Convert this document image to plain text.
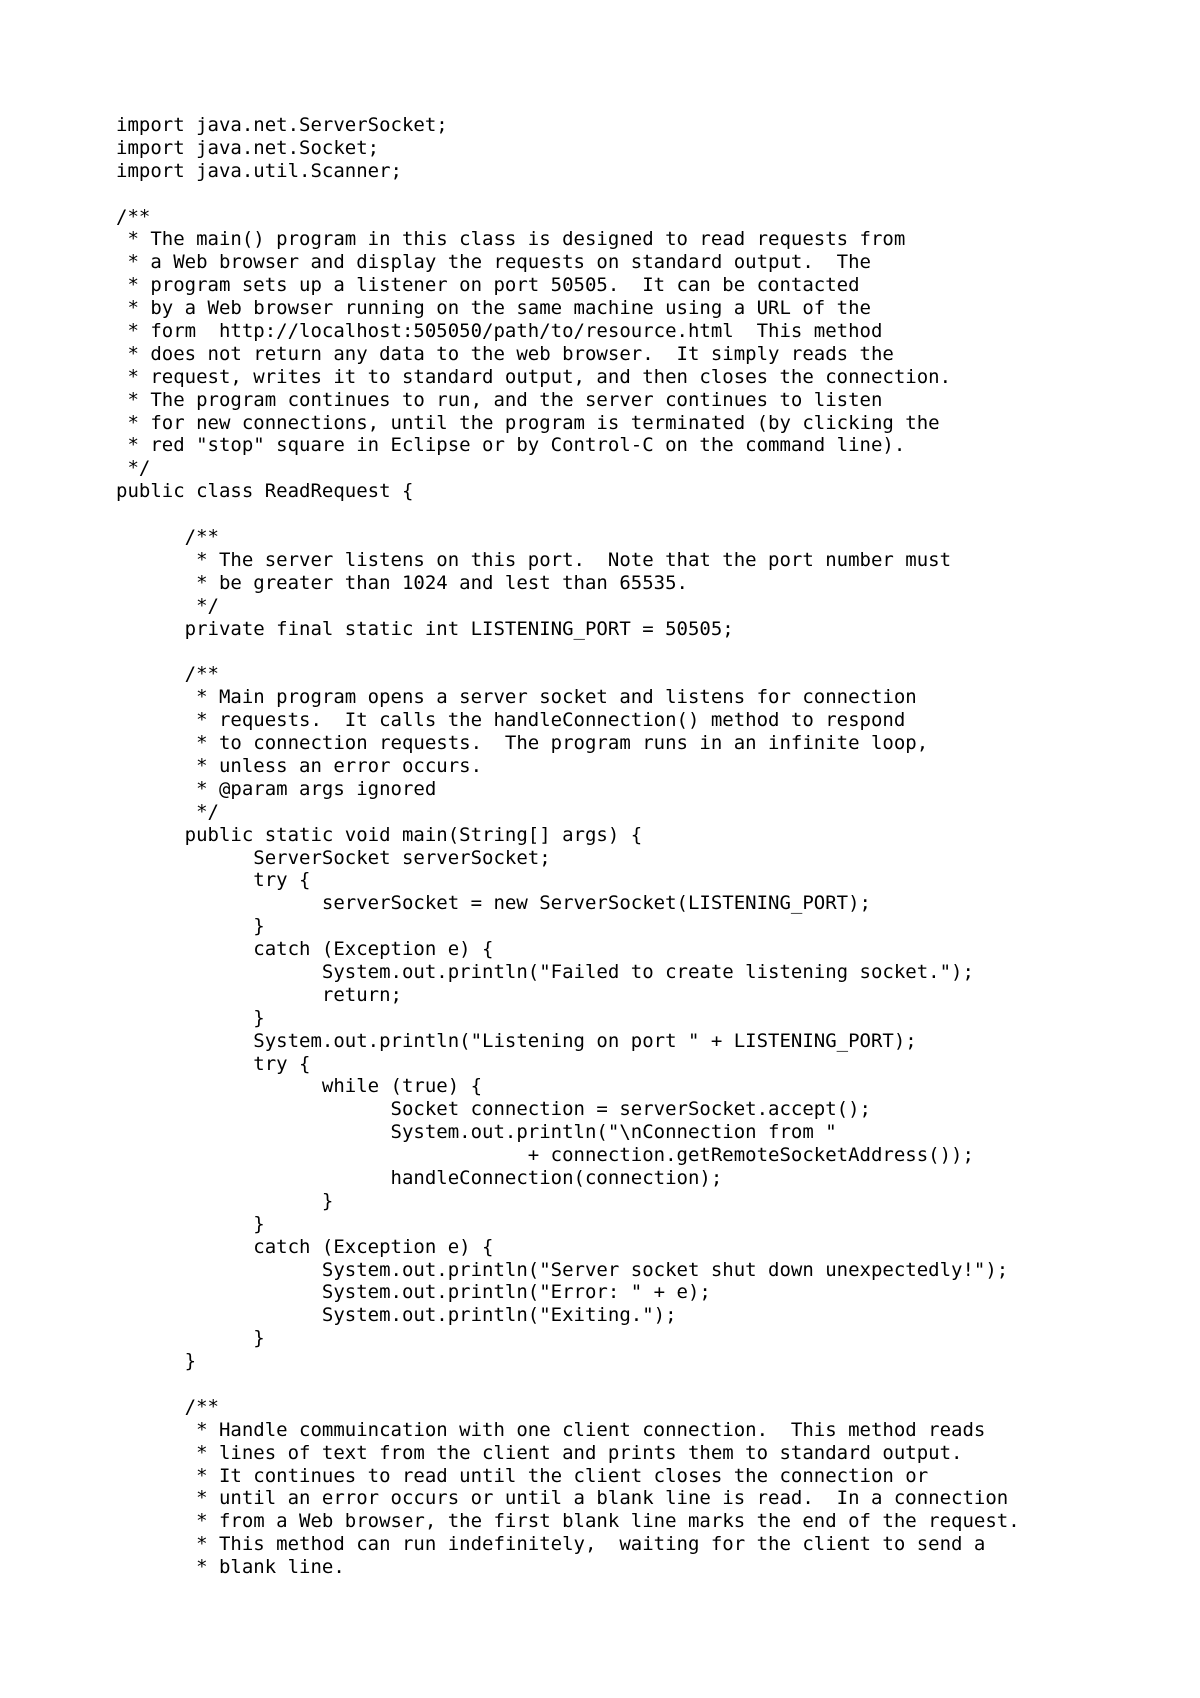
import java.net.ServerSocket;
import java.net.Socket;
import java.util.Scanner;
/**
* The main() program in this class is designed to read requests from
* a Web browser and display the requests on standard output.  The
* program sets up a listener on port 50505.  It can be contacted
* by a Web browser running on the same machine using a URL of the
* form  http://localhost:505050/path/to/resource.html  This method
* does not return any data to the web browser.  It simply reads the
* request, writes it to standard output, and then closes the connection.
* The program continues to run, and the server continues to listen
* for new connections, until the program is terminated (by clicking the
* red "stop" square in Eclipse or by Control-C on the command line).
*/
public class ReadRequest {
/**
* The server listens on this port.  Note that the port number must
* be greater than 1024 and lest than 65535.
*/
private final static int LISTENING_PORT = 50505;
/**
* Main program opens a server socket and listens for connection
* requests.  It calls the handleConnection() method to respond
* to connection requests.  The program runs in an infinite loop,
* unless an error occurs.
* @param args ignored
*/
public static void main(String[] args) {
ServerSocket serverSocket;
try {
serverSocket = new ServerSocket(LISTENING_PORT);
}
catch (Exception e) {
System.out.println("Failed to create listening socket.");
return;
}
System.out.println("Listening on port " + LISTENING_PORT);
try {
while (true) {
Socket connection = serverSocket.accept();
System.out.println("\nConnection from "
+ connection.getRemoteSocketAddress());
handleConnection(connection);
}
}
catch (Exception e) {
System.out.println("Server socket shut down unexpectedly!");
System.out.println("Error: " + e);
System.out.println("Exiting.");
}
}
/**
* Handle commuincation with one client connection.  This method reads
* lines of text from the client and prints them to standard output.
* It continues to read until the client closes the connection or
* until an error occurs or until a blank line is read.  In a connection
* from a Web browser, the first blank line marks the end of the request.
* This method can run indefinitely,  waiting for the client to send a
* blank line.
